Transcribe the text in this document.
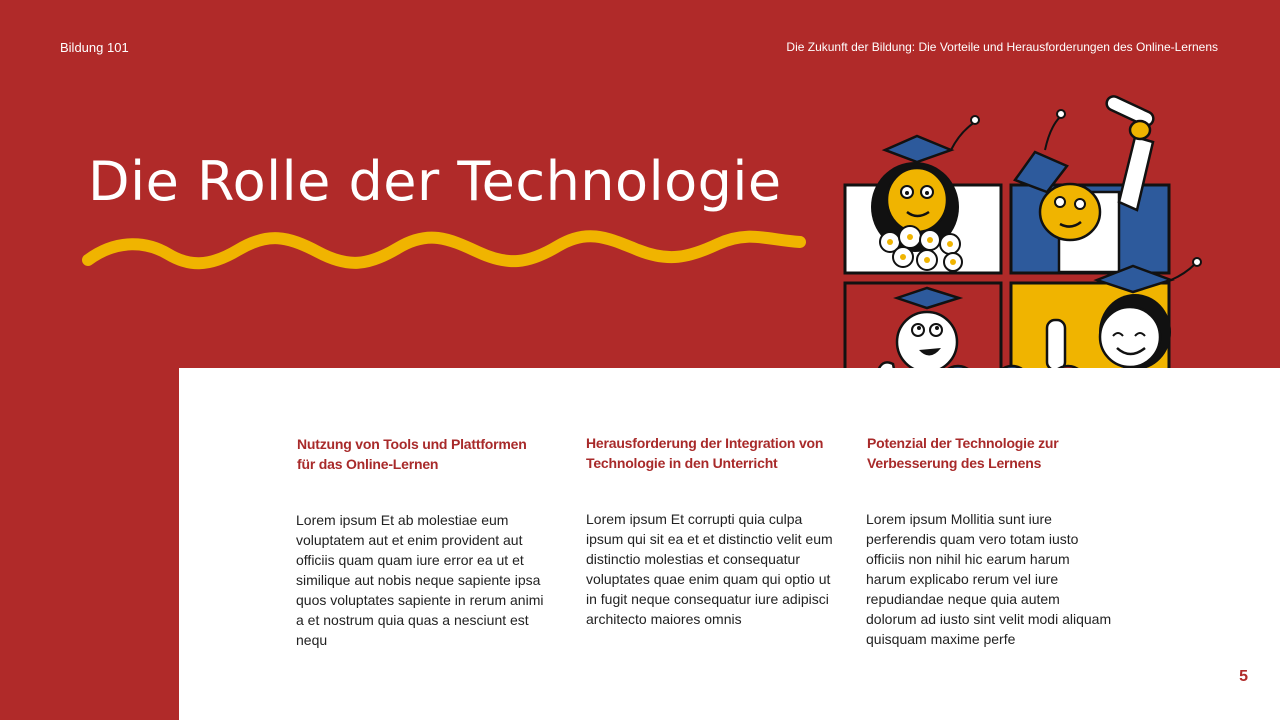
Bildung 101	Die Zukunft der Bildung: Die Vorteile und Herausforderungen des Online-Lernens
Die Rolle der Technologie
Nutzung von Tools und Plattformen für das Online-Lernen

Lorem ipsum Et ab molestiae eum voluptatem aut et enim provident aut officiis quam quam iure error ea ut et similique aut nobis neque sapiente ipsa quos voluptates sapiente in rerum animi a et nostrum quia quas a nesciunt est nequ

Herausforderung der Integration von Technologie in den Unterricht

Lorem ipsum Et corrupti quia culpa ipsum qui sit ea et et distinctio velit eum distinctio molestias et consequatur voluptates quae enim quam qui optio ut in fugit neque consequatur iure adipisci architecto maiores omnis

Potenzial der Technologie zur Verbesserung des Lernens

Lorem ipsum Mollitia sunt iure perferendis quam vero totam iusto officiis non nihil hic earum harum harum explicabo rerum vel iure repudiandae neque quia autem dolorum ad iusto sint velit modi aliquam quisquam maxime perfe

5
